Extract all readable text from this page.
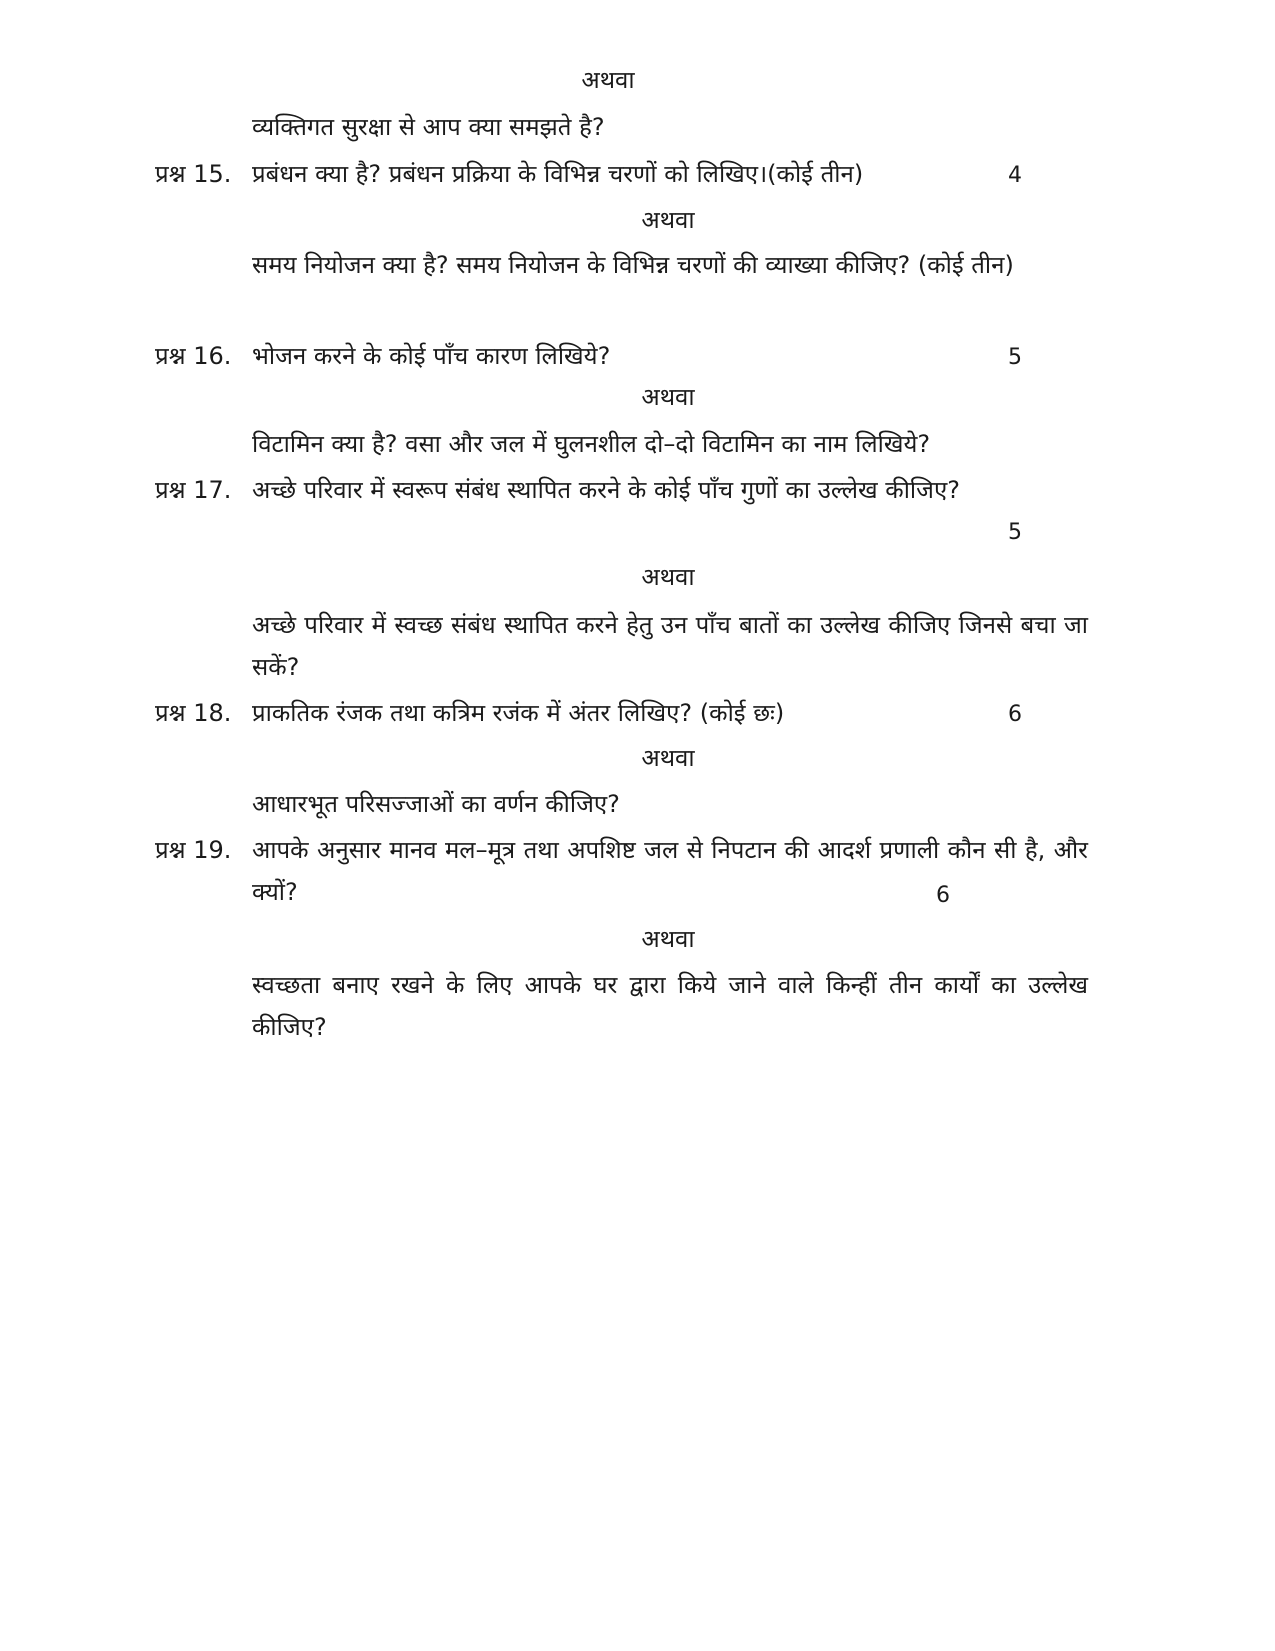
अथवा
व्यक्तिगत सुरक्षा से आप क्या समझते है?
प्रश्न 15. प्रबंधन क्या है? प्रबंधन प्रक्रिया के विभिन्न चरणों को लिखिए।(कोई तीन)	4
अथवा
समय नियोजन क्या है? समय नियोजन के विभिन्न चरणों की व्याख्या कीजिए? (कोई तीन)
प्रश्न 16. भोजन करने के कोई पाँच कारण लिखिये?	5
अथवा
विटामिन क्या है? वसा और जल में घुलनशील दो–दो विटामिन का नाम लिखिये?
प्रश्न 17. अच्छे परिवार में स्वरूप संबंध स्थापित करने के कोई पाँच गुणों का उल्लेख कीजिए?
5
अथवा
अच्छे परिवार में स्वच्छ संबंध स्थापित करने हेतु उन पाँच बातों का उल्लेख कीजिए जिनसे बचा जा सकें?
प्रश्न 18. प्राकतिक रंजक तथा कत्रिम रजंक में अंतर लिखिए? (कोई छः)	6
अथवा
आधारभूत परिसज्जाओं का वर्णन कीजिए?
प्रश्न 19. आपके अनुसार मानव मल–मूत्र तथा अपशिष्ट जल से निपटान की आदर्श प्रणाली कौन सी है, और क्यों?	6
अथवा
स्वच्छता बनाए रखने के लिए आपके घर द्वारा किये जाने वाले किन्हीं तीन कार्यों का उल्लेख कीजिए?
